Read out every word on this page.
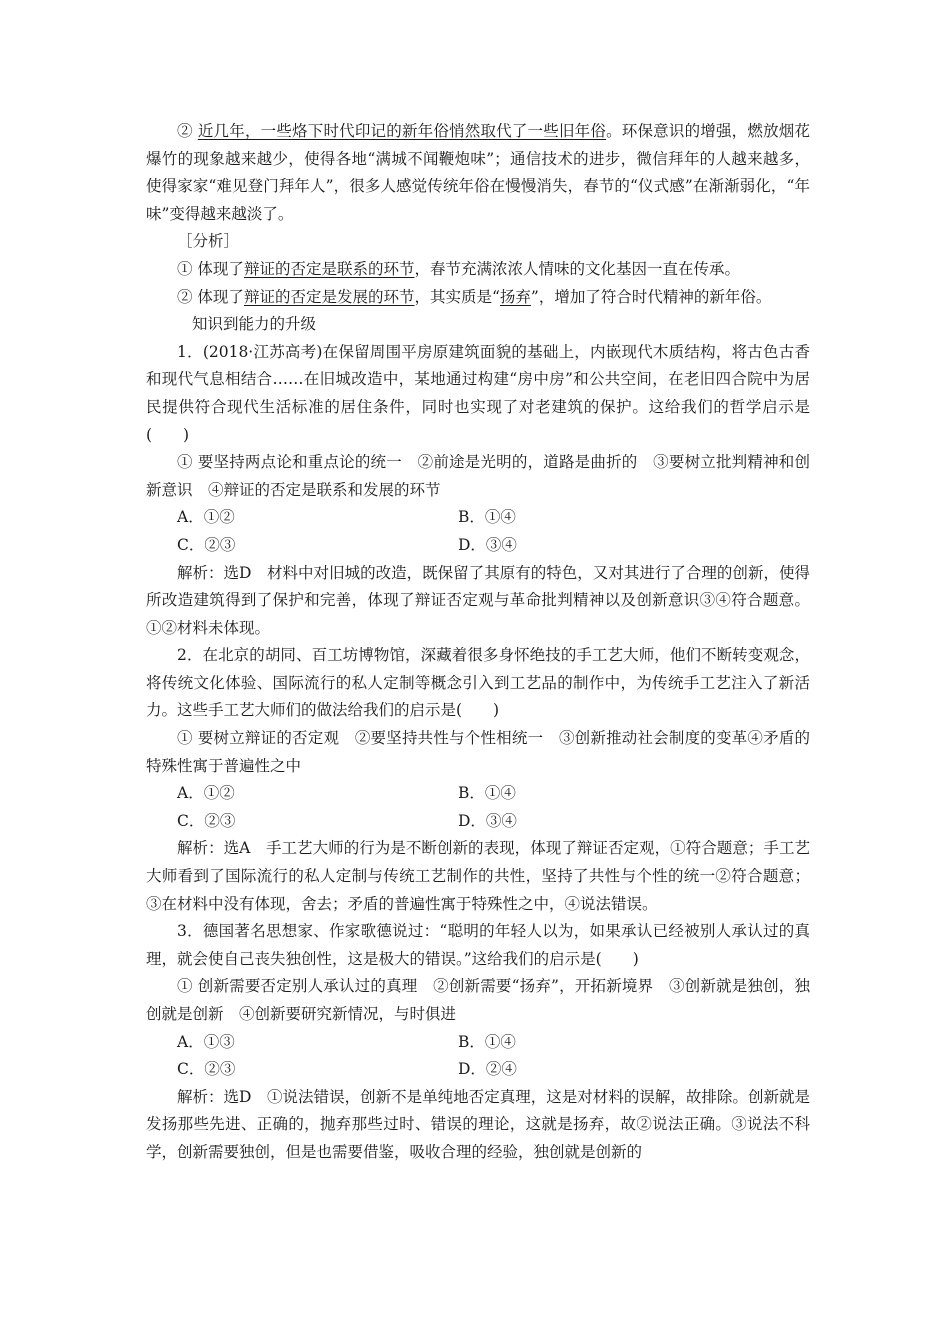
② 近几年，一些烙下时代印记的新年俗悄然取代了一些旧年俗。环保意识的增强，燃放烟花爆竹的现象越来越少，使得各地“满城不闻鞭炮味”；通信技术的进步，微信拜年的人越来越多，使得家家“难见登门拜年人”，很多人感觉传统年俗在慢慢消失，春节的“仪式感”在渐渐弱化，“年味”变得越来越淡了。

［分析］

① 体现了辩证的否定是联系的环节，春节充满浓浓人情味的文化基因一直在传承。

② 体现了辩证的否定是发展的环节，其实质是“扬弃”，增加了符合时代精神的新年俗。

知识到能力的升级

1．(2018·江苏高考)在保留周围平房原建筑面貌的基础上，内嵌现代木质结构，将古色古香和现代气息相结合……在旧城改造中，某地通过构建“房中房”和公共空间，在老旧四合院中为居民提供符合现代生活标准的居住条件，同时也实现了对老建筑的保护。这给我们的哲学启示是(　　)

① 要坚持两点论和重点论的统一　②前途是光明的，道路是曲折的　③要树立批判精神和创新意识　④辩证的否定是联系和发展的环节

A．①②	B．①④
C．②③	D．③④

解析：选D　材料中对旧城的改造，既保留了其原有的特色，又对其进行了合理的创新，使得所改造建筑得到了保护和完善，体现了辩证否定观与革命批判精神以及创新意识③④符合题意。①②材料未体现。

2．在北京的胡同、百工坊博物馆，深藏着很多身怀绝技的手工艺大师，他们不断转变观念，将传统文化体验、国际流行的私人定制等概念引入到工艺品的制作中，为传统手工艺注入了新活力。这些手工艺大师们的做法给我们的启示是(　　)

① 要树立辩证的否定观　②要坚持共性与个性相统一　③创新推动社会制度的变革④矛盾的特殊性寓于普遍性之中

A．①②	B．①④
C．②③	D．③④

解析：选A　手工艺大师的行为是不断创新的表现，体现了辩证否定观，①符合题意；手工艺大师看到了国际流行的私人定制与传统工艺制作的共性，坚持了共性与个性的统一②符合题意；③在材料中没有体现，舍去；矛盾的普遍性寓于特殊性之中，④说法错误。

3．德国著名思想家、作家歌德说过：“聪明的年轻人以为，如果承认已经被别人承认过的真理，就会使自己丧失独创性，这是极大的错误。”这给我们的启示是(　　)

① 创新需要否定别人承认过的真理　②创新需要“扬弃”，开拓新境界　③创新就是独创，独创就是创新　④创新要研究新情况，与时俱进

A．①③	B．①④
C．②③	D．②④

解析：选D　①说法错误，创新不是单纯地否定真理，这是对材料的误解，故排除。创新就是发扬那些先进、正确的，抛弃那些过时、错误的理论，这就是扬弃，故②说法正确。③说法不科学，创新需要独创，但是也需要借鉴，吸收合理的经验，独创就是创新的
